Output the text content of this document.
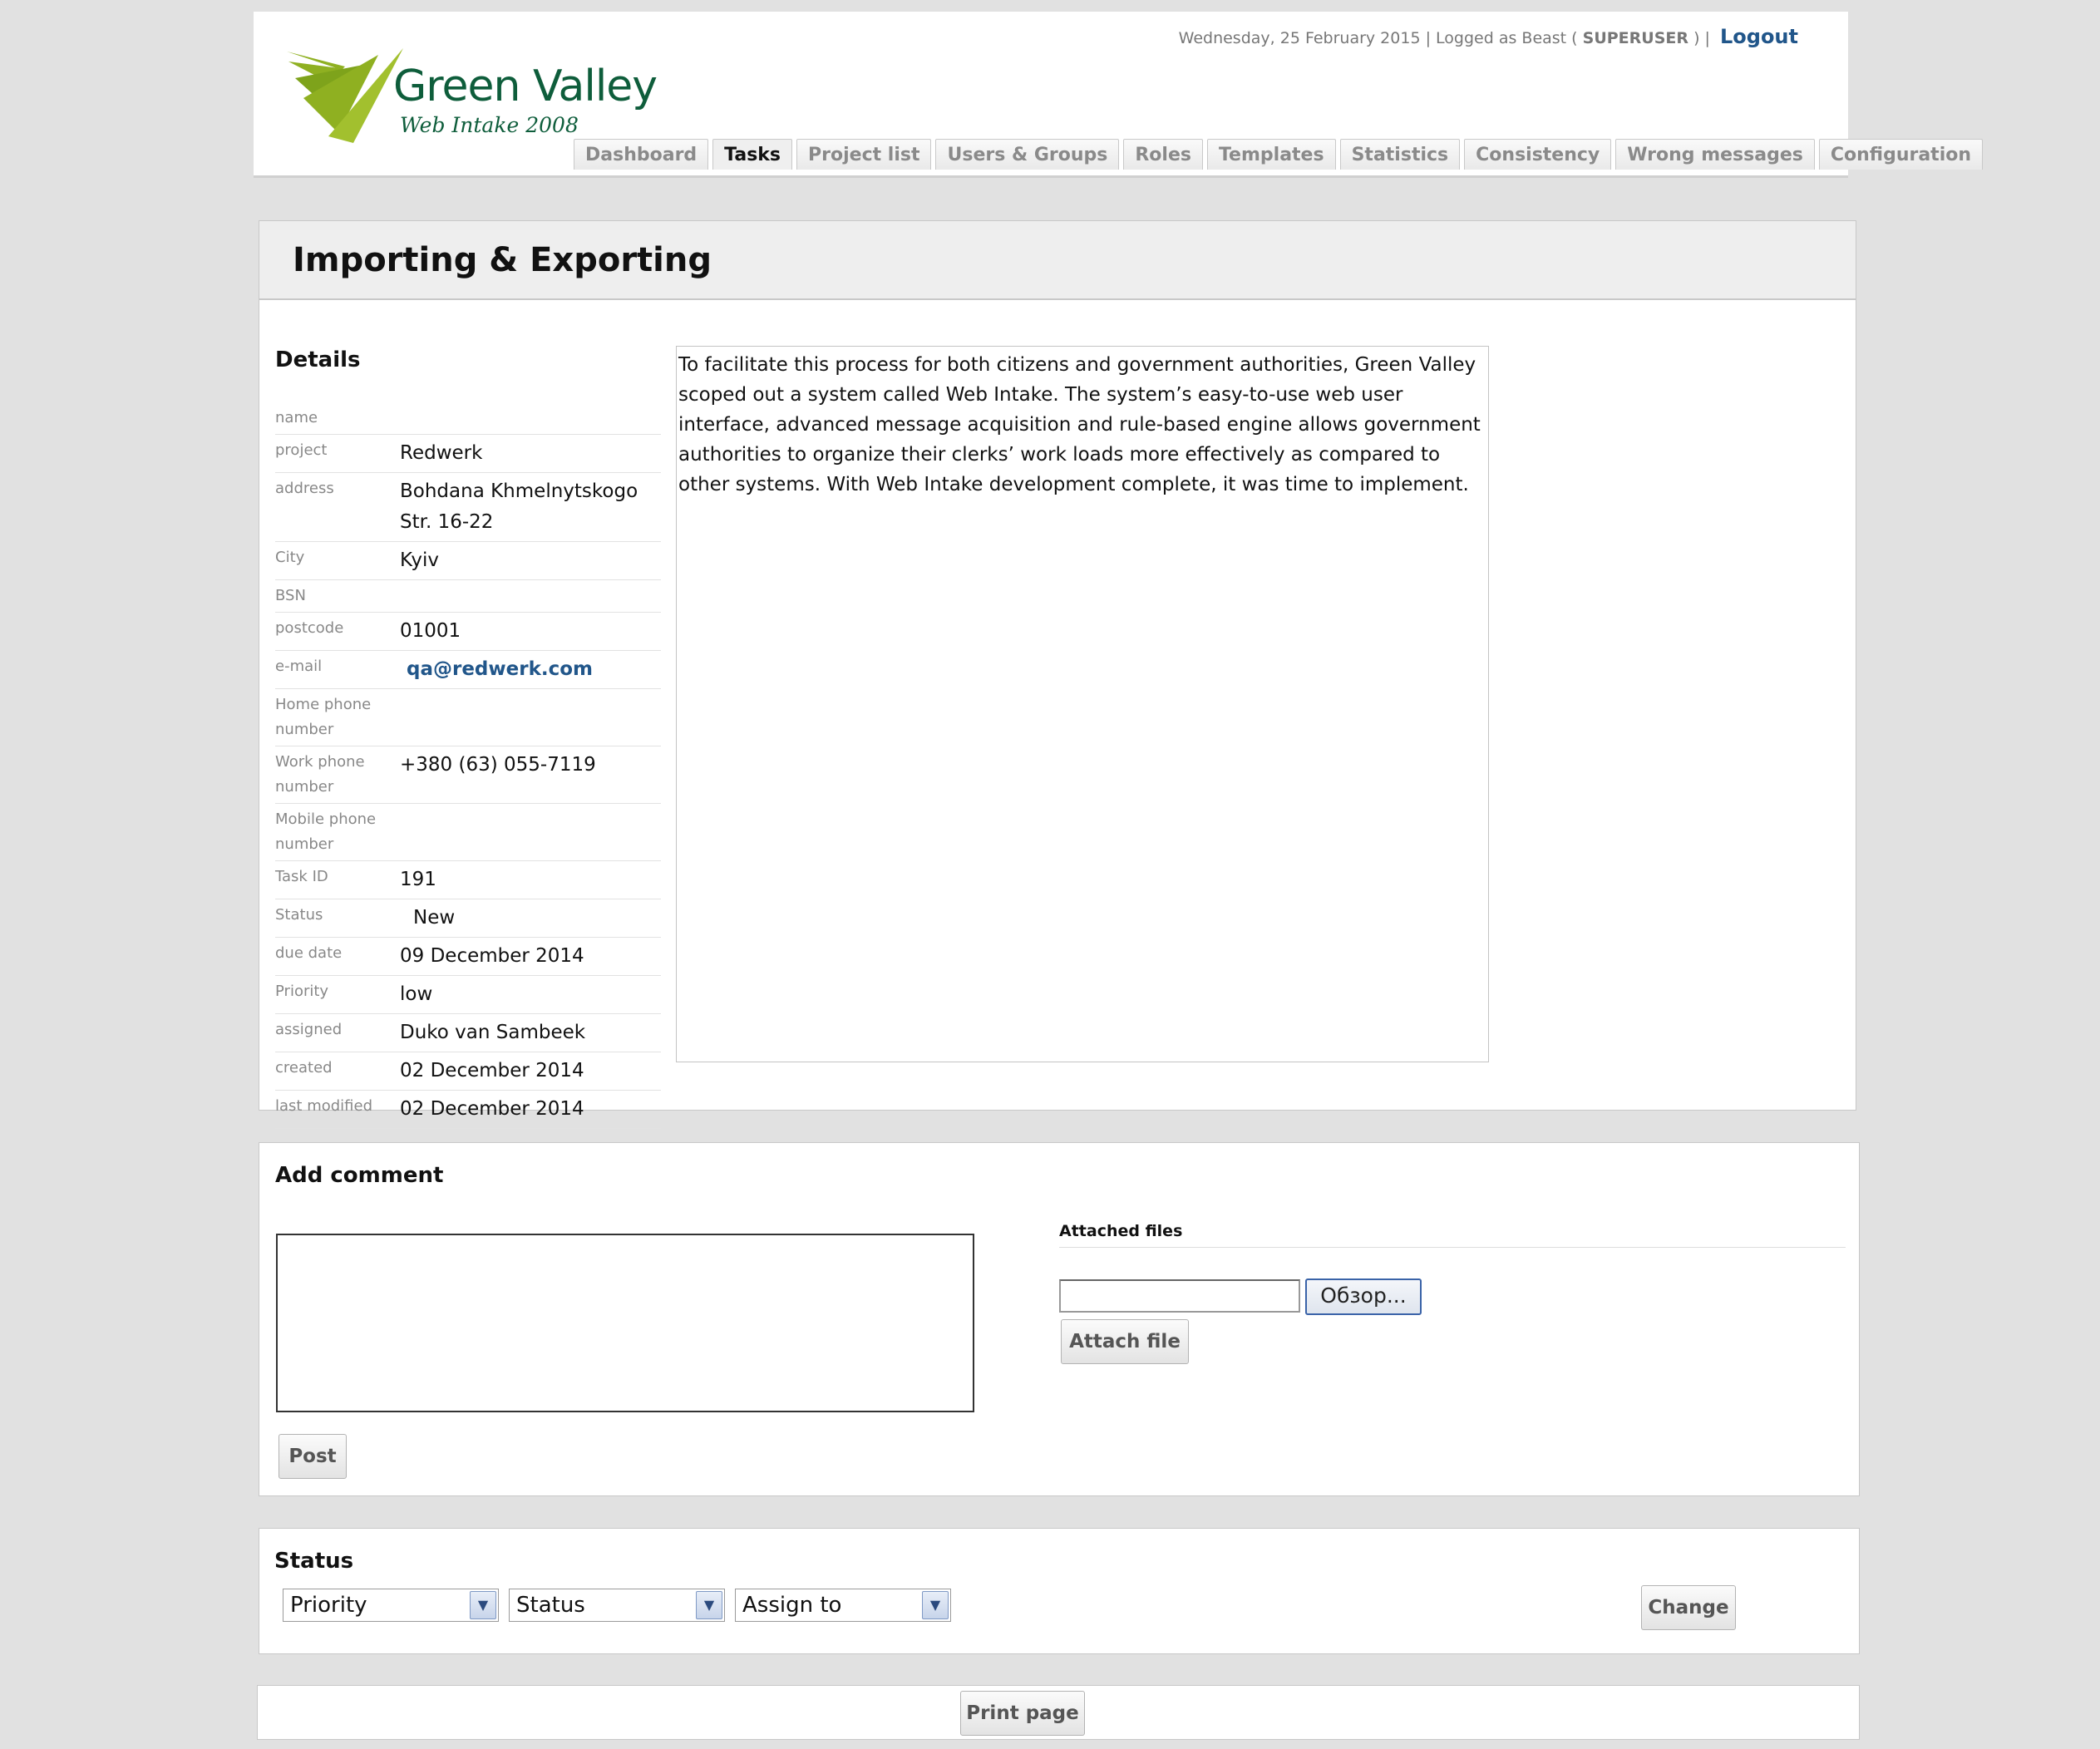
Green Valley
Web Intake 2008
Wednesday, 25 February 2015 | Logged as Beast ( SUPERUSER ) | Logout
Dashboard	Tasks	Project list	Users & Groups	Roles	Templates	Statistics	Consistency	Wrong messages	Configuration
Importing & Exporting
Details
name	
project	Redwerk
address	Bohdana Khmelnytskogo Str. 16-22
City	Kyiv
BSN	
postcode	01001
e-mail	qa@redwerk.com
Home phone number	
Work phone number	+380 (63) 055-7119
Mobile phone number	
Task ID	191
Status	New
due date	09 December 2014
Priority	low
assigned	Duko van Sambeek
created	02 December 2014
last modified	02 December 2014
To facilitate this process for both citizens and government authorities, Green Valley scoped out a system called Web Intake. The system’s easy-to-use web user interface, advanced message acquisition and rule-based engine allows government authorities to organize their clerks’ work loads more effectively as compared to other systems. With Web Intake development complete, it was time to implement.
Add comment
Post
Attached files
Обзор...
Attach file
Status
Priority	▼	Status	▼	Assign to	▼	Change
Print page
